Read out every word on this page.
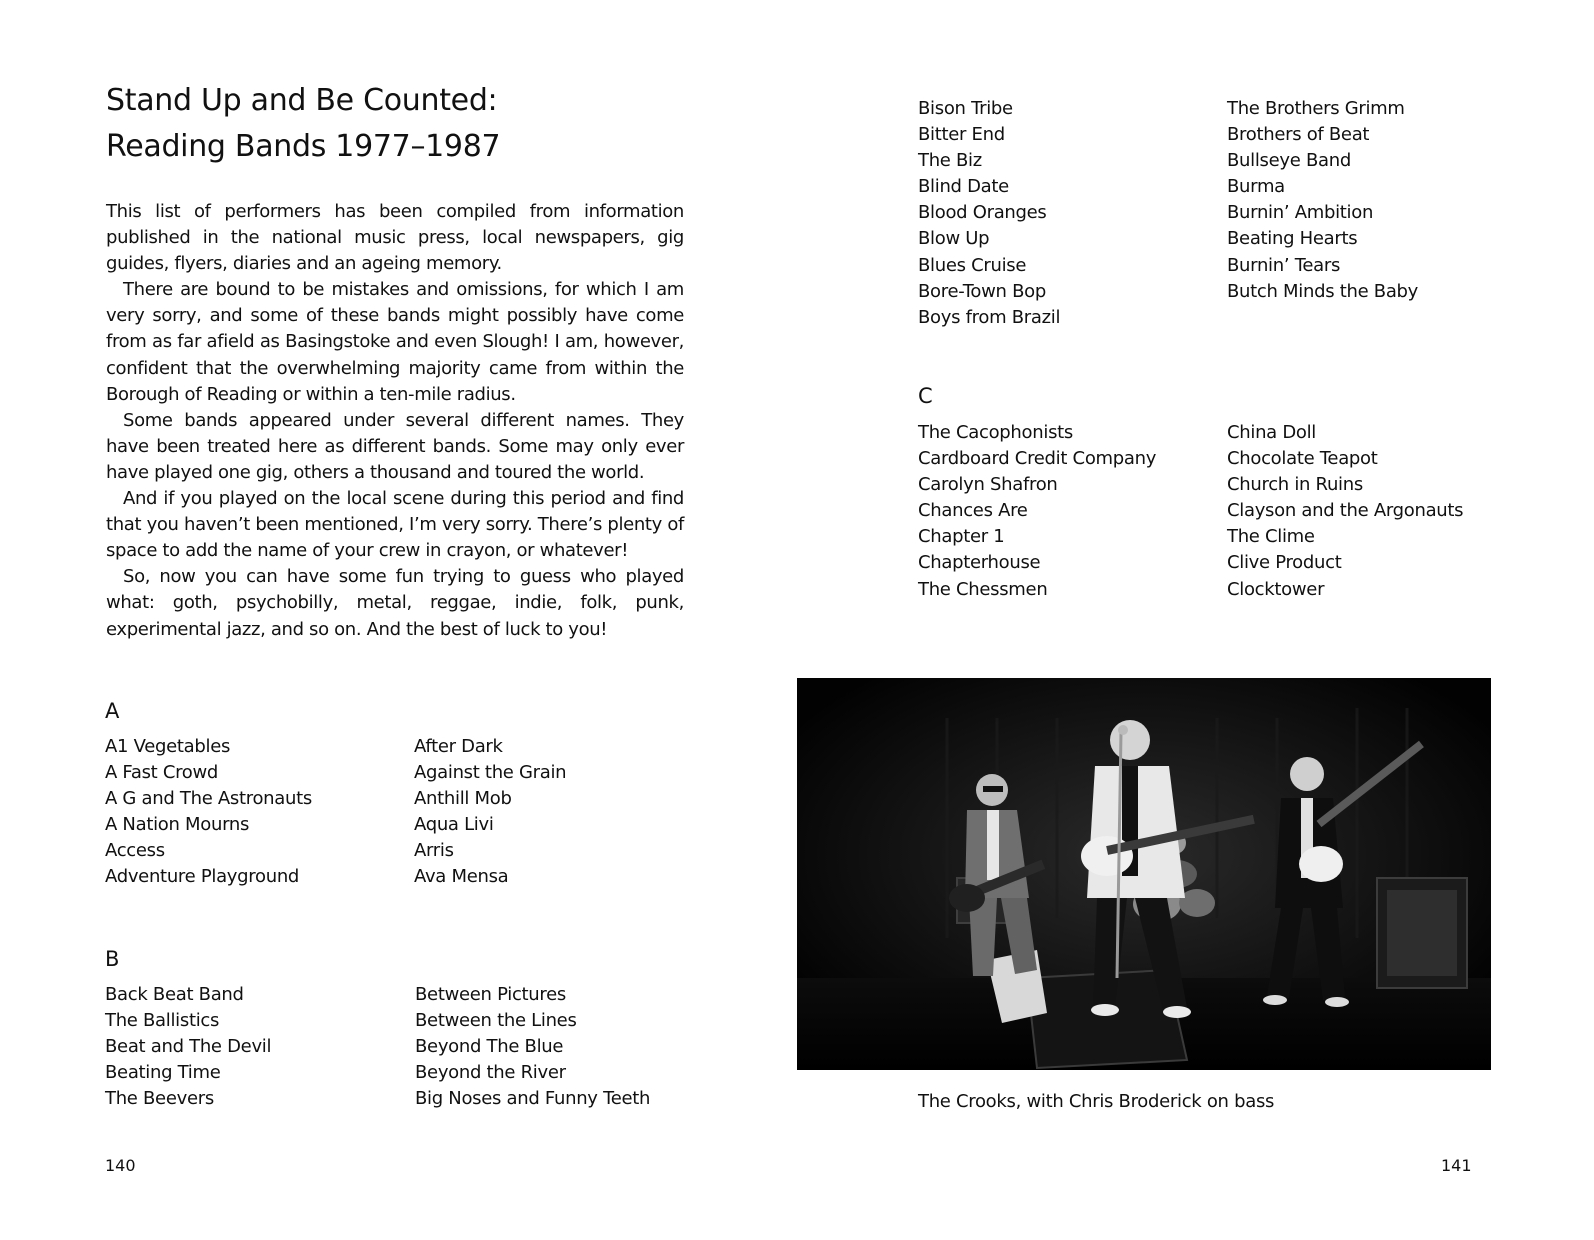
Stand Up and Be Counted:
Reading Bands 1977–1987

This list of performers has been compiled from information published in the national music press, local newspapers, gig guides, flyers, diaries and an ageing memory.

There are bound to be mistakes and omissions, for which I am very sorry, and some of these bands might possibly have come from as far afield as Basingstoke and even Slough! I am, however, confident that the overwhelming majority came from within the Borough of Reading or within a ten-mile radius.

Some bands appeared under several different names. They have been treated here as different bands. Some may only ever have played one gig, others a thousand and toured the world.

And if you played on the local scene during this period and find that you haven’t been mentioned, I’m very sorry. There’s plenty of space to add the name of your crew in crayon, or whatever!

So, now you can have some fun trying to guess who played what: goth, psychobilly, metal, reggae, indie, folk, punk, experimental jazz, and so on. And the best of luck to you!

A
A1 Vegetables
A Fast Crowd
A G and The Astronauts
A Nation Mourns
Access
Adventure Playground
After Dark
Against the Grain
Anthill Mob
Aqua Livi
Arris
Ava Mensa
B
Back Beat Band
The Ballistics
Beat and The Devil
Beating Time
The Beevers
Between Pictures
Between the Lines
Beyond The Blue
Beyond the River
Big Noses and Funny Teeth
140
Bison Tribe
Bitter End
The Biz
Blind Date
Blood Oranges
Blow Up
Blues Cruise
Bore-Town Bop
Boys from Brazil
The Brothers Grimm
Brothers of Beat
Bullseye Band
Burma
Burnin’ Ambition
Beating Hearts
Burnin’ Tears
Butch Minds the Baby
C
The Cacophonists
Cardboard Credit Company
Carolyn Shafron
Chances Are
Chapter 1
Chapterhouse
The Chessmen
China Doll
Chocolate Teapot
Church in Ruins
Clayson and the Argonauts
The Clime
Clive Product
Clocktower
The Crooks, with Chris Broderick on bass
141
